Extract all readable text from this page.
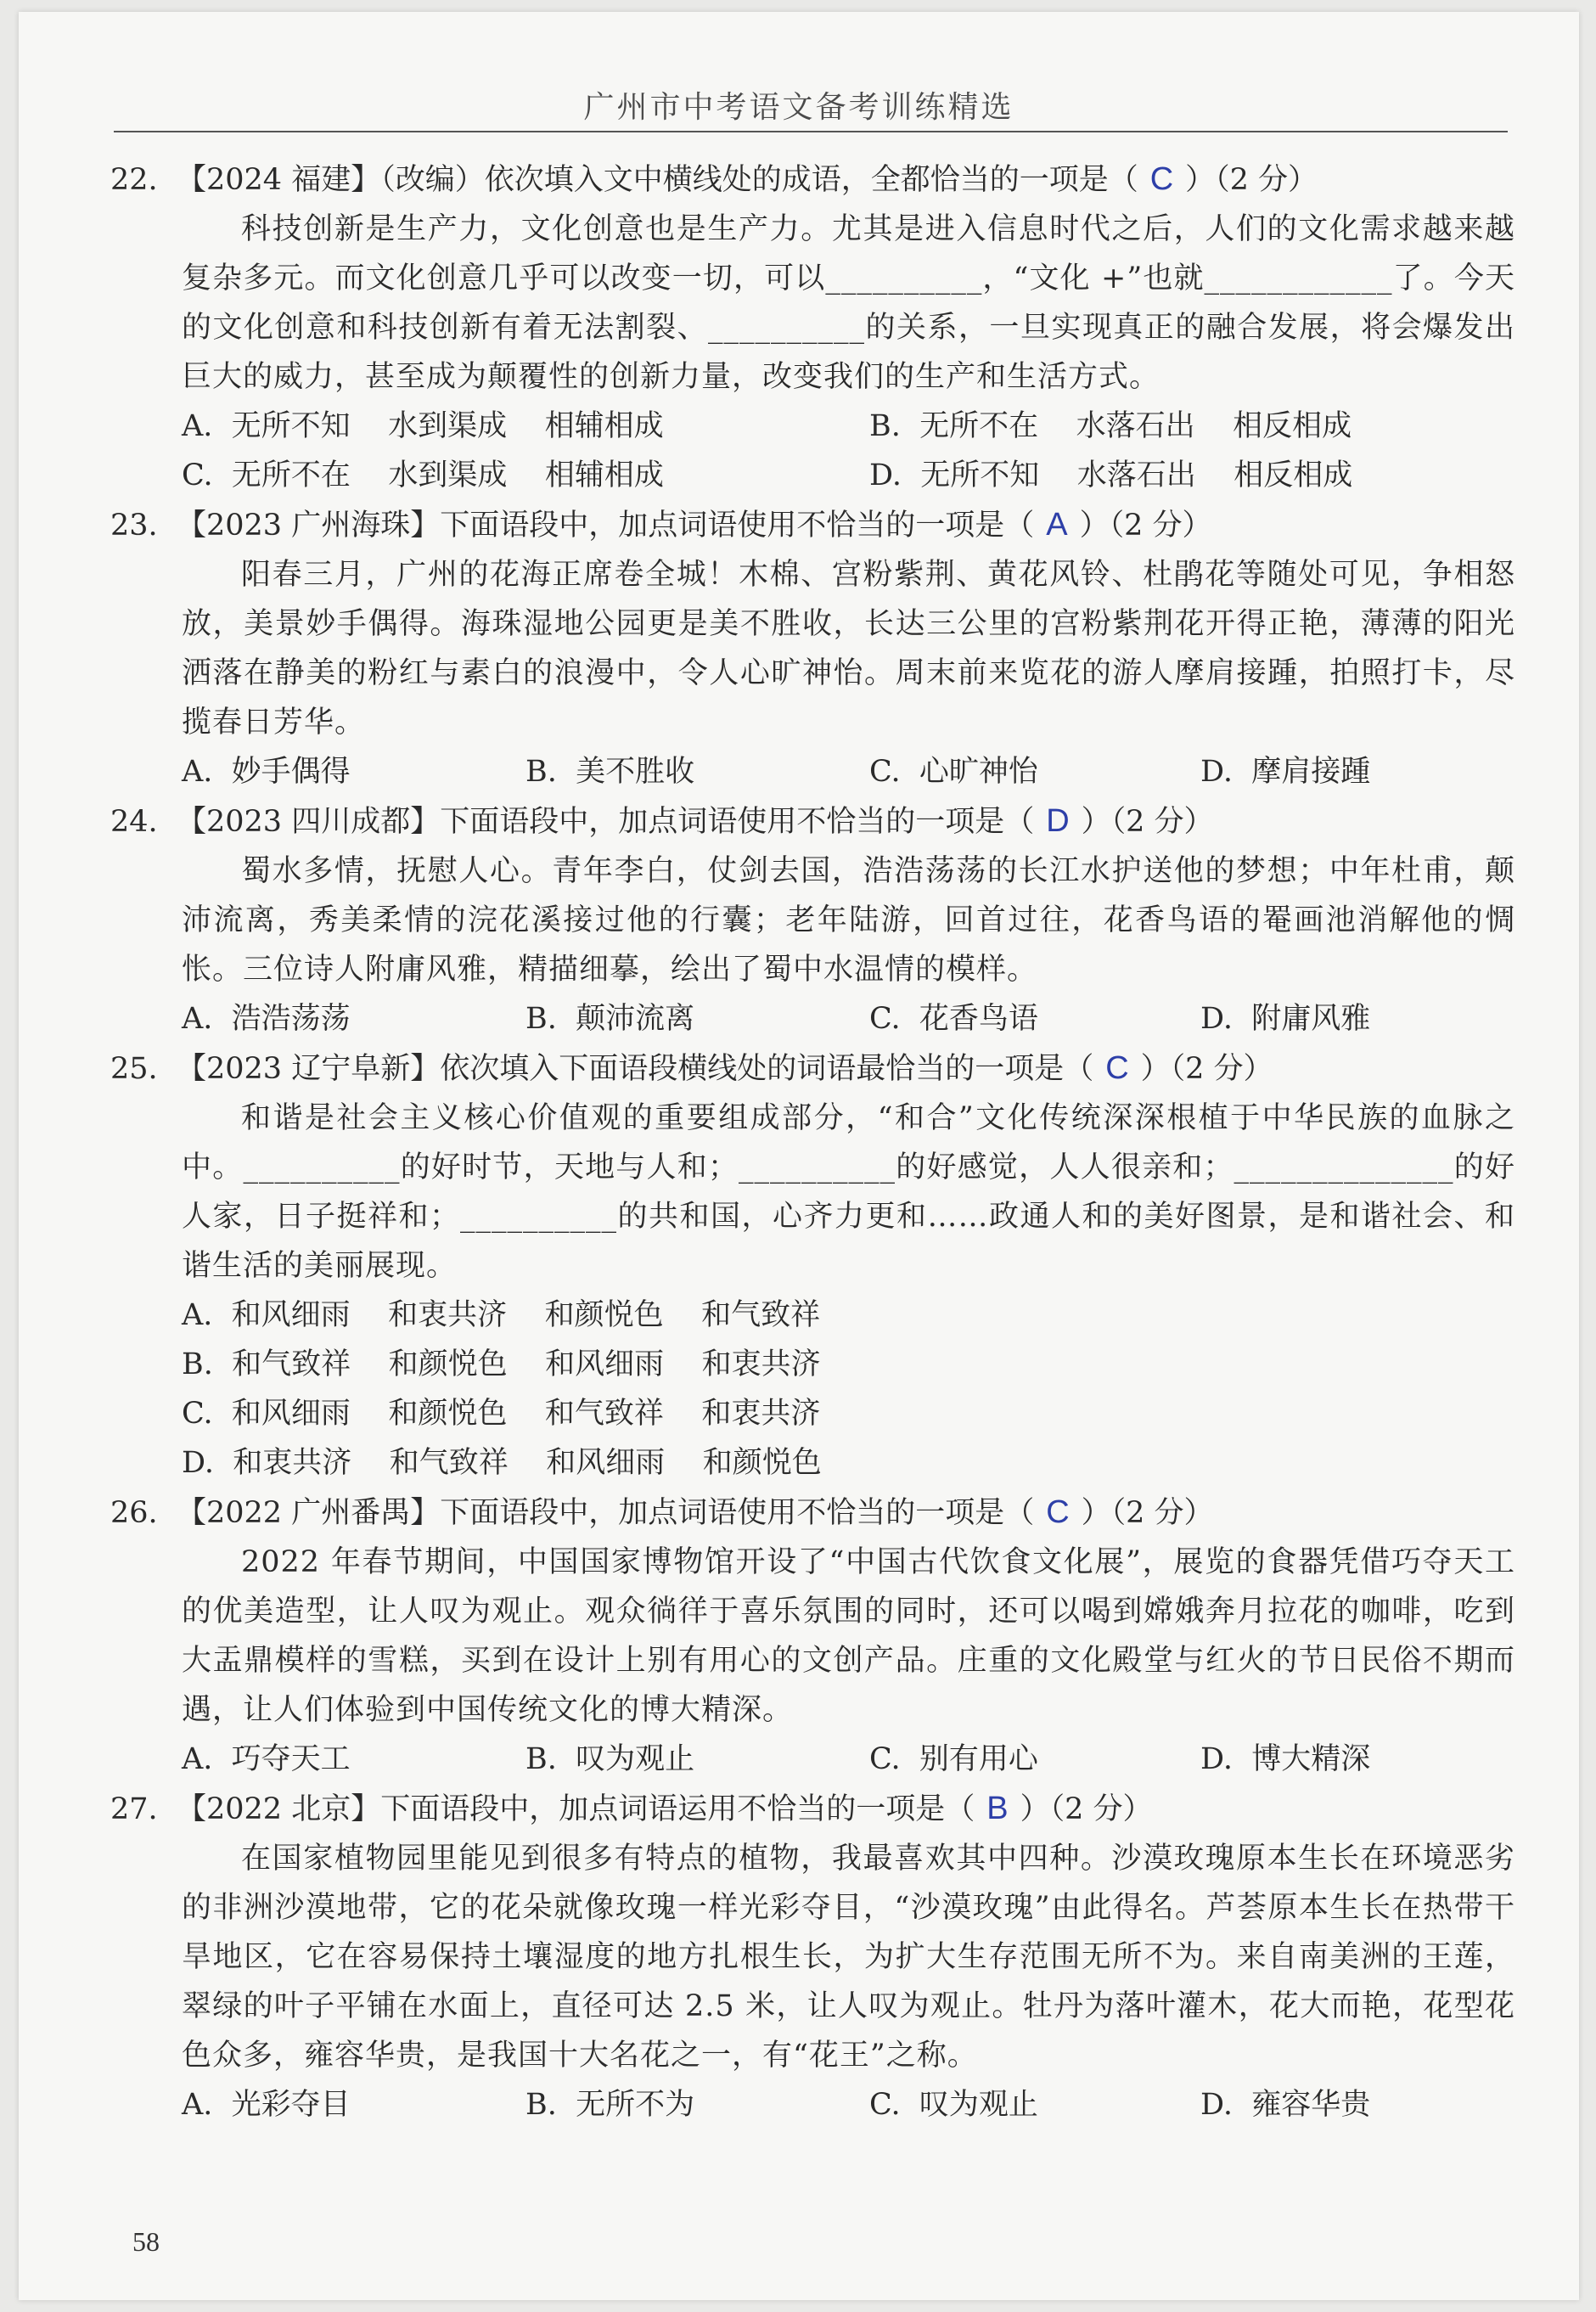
广州市中考语文备考训练精选
22. 【2024 福建】（改编）依次填入文中横线处的成语，全都恰当的一项是（ C ）（2 分）
科技创新是生产力，文化创意也是生产力。尤其是进入信息时代之后，人们的文化需求越来越复杂多元。而文化创意几乎可以改变一切，可以__________，“文化 +”也就____________了。今天的文化创意和科技创新有着无法割裂、__________的关系，一旦实现真正的融合发展，将会爆发出巨大的威力，甚至成为颠覆性的创新力量，改变我们的生产和生活方式。
A.  无所不知    水到渠成    相辅相成	B.  无所不在    水落石出    相反相成
C.  无所不在    水到渠成    相辅相成	D.  无所不知    水落石出    相反相成
23. 【2023 广州海珠】下面语段中，加点词语使用不恰当的一项是（ A ）（2 分）
阳春三月，广州的花海正席卷全城！木棉、宫粉紫荆、黄花风铃、杜鹃花等随处可见，争相怒放，美景妙手偶得。海珠湿地公园更是美不胜收，长达三公里的宫粉紫荆花开得正艳，薄薄的阳光洒落在静美的粉红与素白的浪漫中，令人心旷神怡。周末前来览花的游人摩肩接踵，拍照打卡，尽揽春日芳华。
A.  妙手偶得	B.  美不胜收	C.  心旷神怡	D.  摩肩接踵
24. 【2023 四川成都】下面语段中，加点词语使用不恰当的一项是（ D ）（2 分）
蜀水多情，抚慰人心。青年李白，仗剑去国，浩浩荡荡的长江水护送他的梦想；中年杜甫，颠沛流离，秀美柔情的浣花溪接过他的行囊；老年陆游，回首过往，花香鸟语的罨画池消解他的惆怅。三位诗人附庸风雅，精描细摹，绘出了蜀中水温情的模样。
A.  浩浩荡荡	B.  颠沛流离	C.  花香鸟语	D.  附庸风雅
25. 【2023 辽宁阜新】依次填入下面语段横线处的词语最恰当的一项是（ C ）（2 分）
和谐是社会主义核心价值观的重要组成部分，“和合”文化传统深深根植于中华民族的血脉之中。__________的好时节，天地与人和；__________的好感觉，人人很亲和；______________的好人家，日子挺祥和；__________的共和国，心齐力更和……政通人和的美好图景，是和谐社会、和谐生活的美丽展现。
A.  和风细雨    和衷共济    和颜悦色    和气致祥
B.  和气致祥    和颜悦色    和风细雨    和衷共济
C.  和风细雨    和颜悦色    和气致祥    和衷共济
D.  和衷共济    和气致祥    和风细雨    和颜悦色
26. 【2022 广州番禺】下面语段中，加点词语使用不恰当的一项是（ C ）（2 分）
2022 年春节期间，中国国家博物馆开设了“中国古代饮食文化展”，展览的食器凭借巧夺天工的优美造型，让人叹为观止。观众徜徉于喜乐氛围的同时，还可以喝到嫦娥奔月拉花的咖啡，吃到大盂鼎模样的雪糕，买到在设计上别有用心的文创产品。庄重的文化殿堂与红火的节日民俗不期而遇，让人们体验到中国传统文化的博大精深。
A.  巧夺天工	B.  叹为观止	C.  别有用心	D.  博大精深
27. 【2022 北京】下面语段中，加点词语运用不恰当的一项是（ B ）（2 分）
在国家植物园里能见到很多有特点的植物，我最喜欢其中四种。沙漠玫瑰原本生长在环境恶劣的非洲沙漠地带，它的花朵就像玫瑰一样光彩夺目，“沙漠玫瑰”由此得名。芦荟原本生长在热带干旱地区，它在容易保持土壤湿度的地方扎根生长，为扩大生存范围无所不为。来自南美洲的王莲，翠绿的叶子平铺在水面上，直径可达 2.5 米，让人叹为观止。牡丹为落叶灌木，花大而艳，花型花色众多，雍容华贵，是我国十大名花之一，有“花王”之称。
A.  光彩夺目	B.  无所不为	C.  叹为观止	D.  雍容华贵
58
